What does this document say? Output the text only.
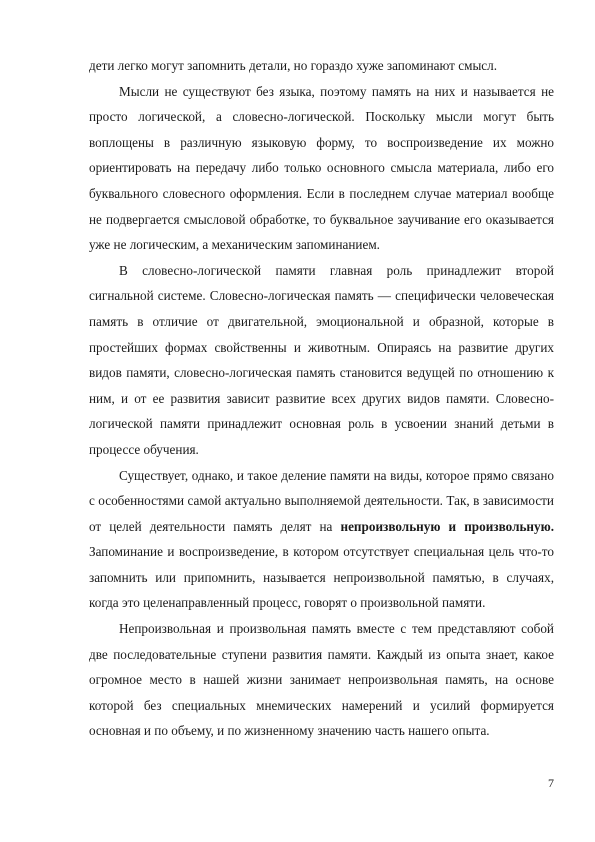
дети легко могут запомнить детали, но гораздо хуже запоминают смысл.

Мысли не существуют без языка, поэтому память на них и называется не просто логической, а словесно-логической. Поскольку мысли могут быть воплощены в различную языковую форму, то воспроизведение их можно ориентировать на передачу либо только основного смысла материала, либо его буквального словесного оформления. Если в последнем случае материал вообще не подвергается смысловой обработке, то буквальное заучивание его оказывается уже не логическим, а механическим запоминанием.

В словесно-логической памяти главная роль принадлежит второй сигнальной системе. Словесно-логическая память — специфически человеческая память в отличие от двигательной, эмоциональной и образной, которые в простейших формах свойственны и животным. Опираясь на развитие других видов памяти, словесно-логическая память становится ведущей по отношению к ним, и от ее развития зависит развитие всех других видов памяти. Словесно-логической памяти принадлежит основная роль в усвоении знаний детьми в процессе обучения.

Существует, однако, и такое деление памяти на виды, которое прямо связано с особенностями самой актуально выполняемой деятельности. Так, в зависимости от целей деятельности память делят на непроизвольную и произвольную. Запоминание и воспроизведение, в котором отсутствует специальная цель что-то запомнить или припомнить, называется непроизвольной памятью, в случаях, когда это целенаправленный процесс, говорят о произвольной памяти.

Непроизвольная и произвольная память вместе с тем представляют собой две последовательные ступени развития памяти. Каждый из опыта знает, какое огромное место в нашей жизни занимает непроизвольная память, на основе которой без специальных мнемических намерений и усилий формируется основная и по объему, и по жизненному значению часть нашего опыта.

7
